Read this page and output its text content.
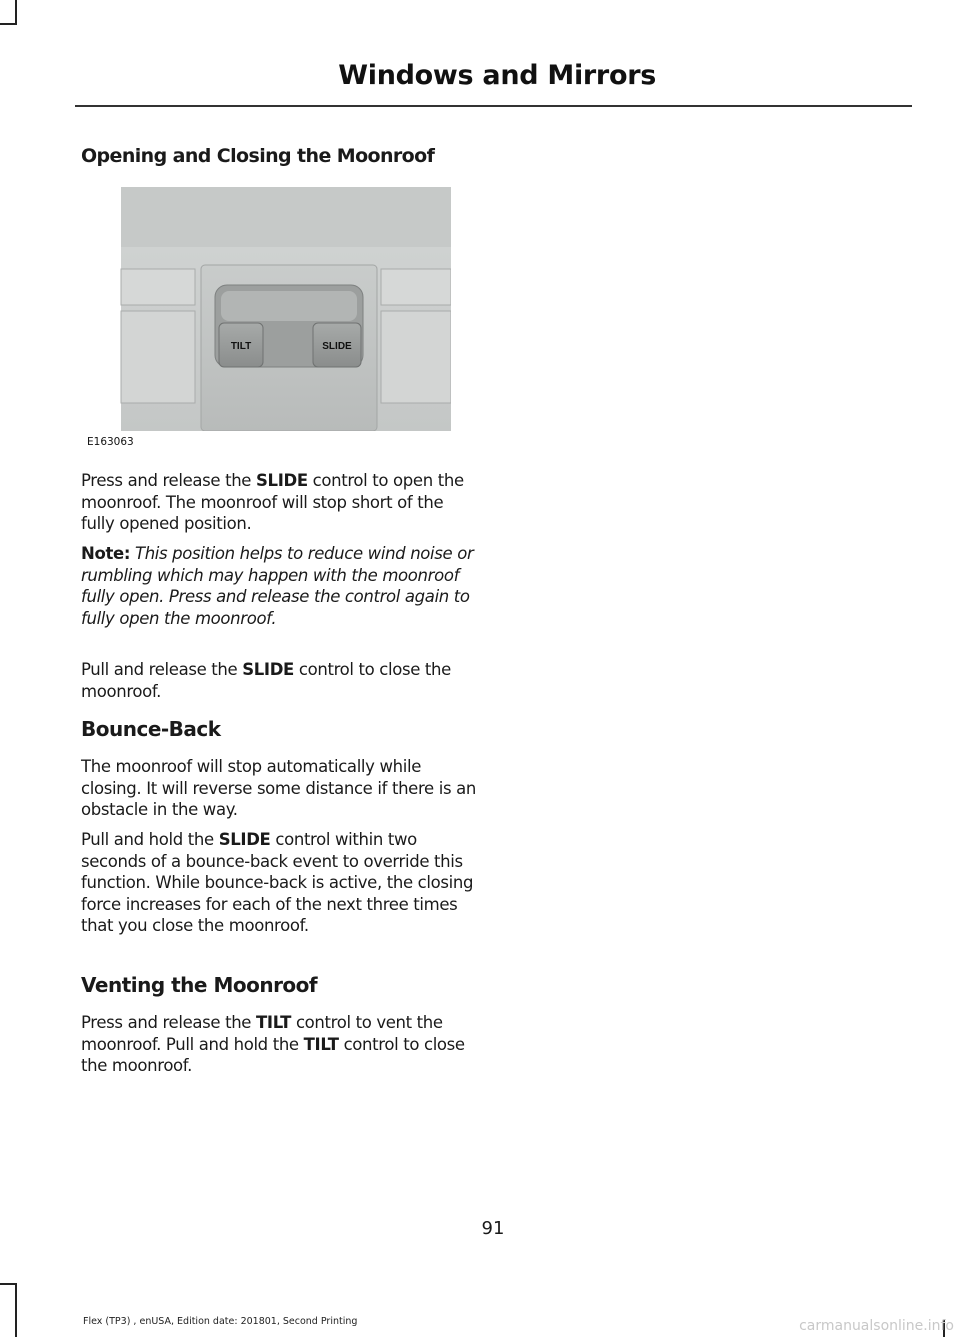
Windows and Mirrors
Opening and Closing the Moonroof
TILT	SLIDE
E163063

Press and release the SLIDE control to open the moonroof. The moonroof will stop short of the fully opened position.

Note: This position helps to reduce wind noise or rumbling which may happen with the moonroof fully open. Press and release the control again to fully open the moonroof.

Pull and release the SLIDE control to close the moonroof.

Bounce-Back

The moonroof will stop automatically while closing. It will reverse some distance if there is an obstacle in the way.

Pull and hold the SLIDE control within two seconds of a bounce-back event to override this function. While bounce-back is active, the closing force increases for each of the next three times that you close the moonroof.

Venting the Moonroof

Press and release the TILT control to vent the moonroof. Pull and hold the TILT control to close the moonroof.

91
Flex (TP3) , enUSA, Edition date: 201801, Second Printing	carmanualsonline.info
